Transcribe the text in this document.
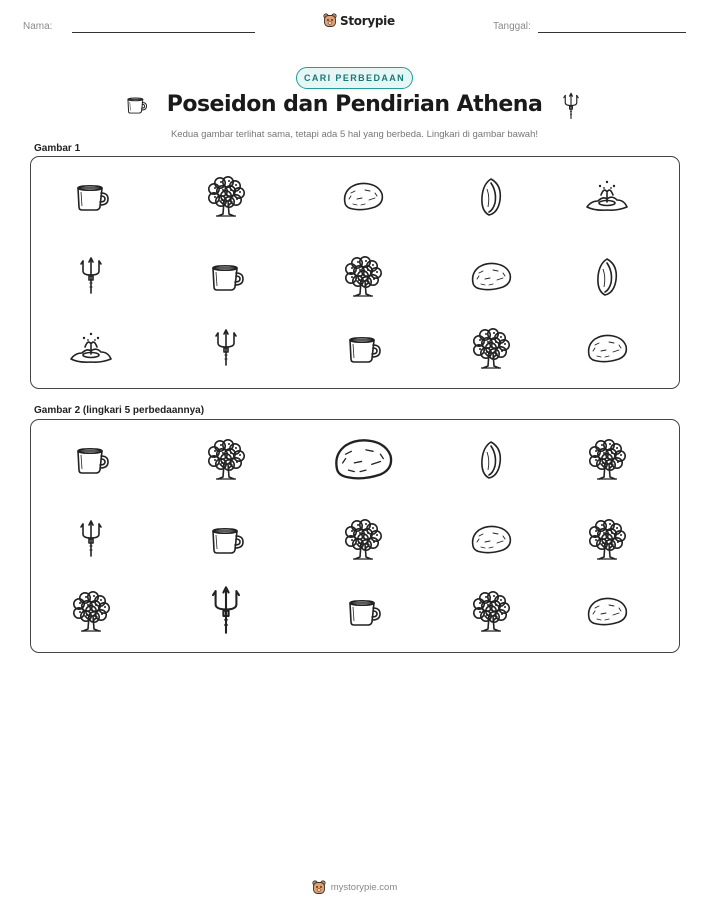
Nama:	Storypie	Tanggal:
CARI PERBEDAAN
Poseidon dan Pendirian Athena
Kedua gambar terlihat sama, tetapi ada 5 hal yang berbeda. Lingkari di gambar bawah!
Gambar 1
Gambar 2 (lingkari 5 perbedaannya)
mystorypie.com
